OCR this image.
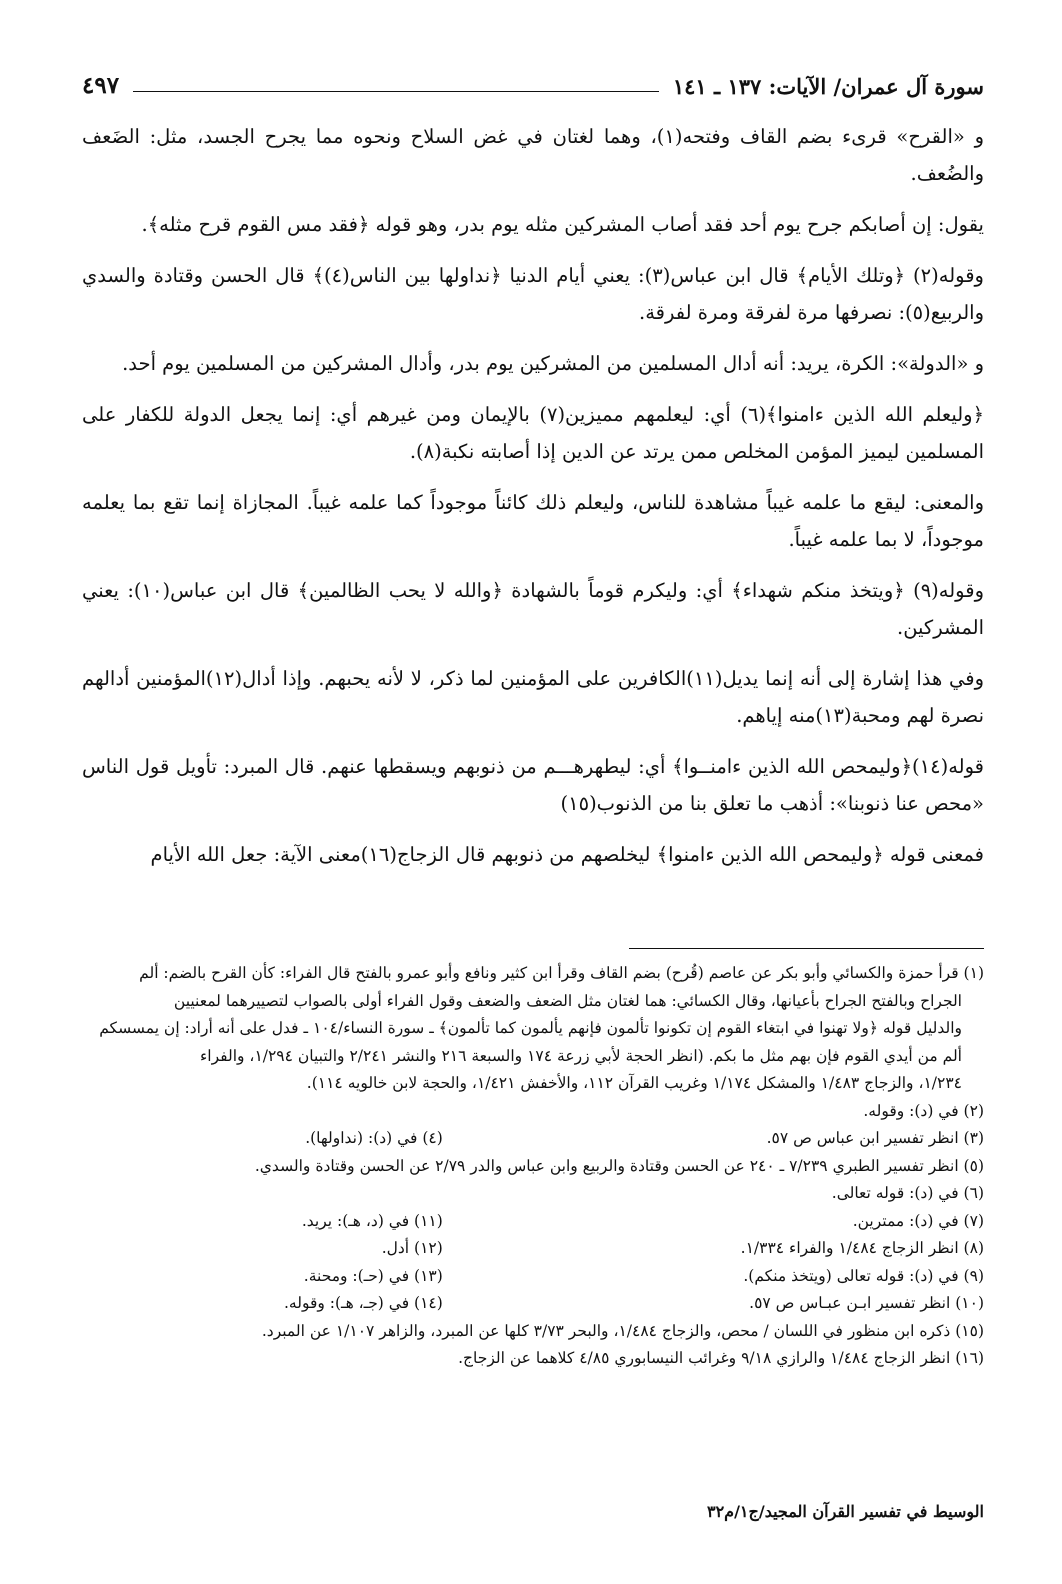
سورة آل عمران/ الآيات: ١٣٧ ـ ١٤١
٤٩٧

و «القرح» قرىء بضم القاف وفتحه(١)، وهما لغتان في غض السلاح ونحوه مما يجرح الجسد، مثل: الضَعف والضُعف.

يقول: إن أصابكم جرح يوم أحد فقد أصاب المشركين مثله يوم بدر، وهو قوله ﴿فقد مس القوم قرح مثله﴾.

وقوله(٢) ﴿وتلك الأيام﴾ قال ابن عباس(٣): يعني أيام الدنيا ﴿نداولها بين الناس(٤)﴾ قال الحسن وقتادة والسدي والربيع(٥): نصرفها مرة لفرقة ومرة لفرقة.

و «الدولة»: الكرة، يريد: أنه أدال المسلمين من المشركين يوم بدر، وأدال المشركين من المسلمين يوم أحد.

﴿وليعلم الله الذين ءامنوا﴾(٦) أي: ليعلمهم مميزين(٧) بالإيمان ومن غيرهم أي: إنما يجعل الدولة للكفار على المسلمين ليميز المؤمن المخلص ممن يرتد عن الدين إذا أصابته نكبة(٨).

والمعنى: ليقع ما علمه غيباً مشاهدة للناس، وليعلم ذلك كائناً موجوداً كما علمه غيباً. المجازاة إنما تقع بما يعلمه موجوداً، لا بما علمه غيباً.

وقوله(٩) ﴿ويتخذ منكم شهداء﴾ أي: وليكرم قوماً بالشهادة ﴿والله لا يحب الظالمين﴾ قال ابن عباس(١٠): يعني المشركين.

وفي هذا إشارة إلى أنه إنما يديل(١١)الكافرين على المؤمنين لما ذكر، لا لأنه يحبهم. وإذا أدال(١٢)المؤمنين أدالهم نصرة لهم ومحبة(١٣)منه إياهم.

قوله(١٤)﴿وليمحص الله الذين ءامنــوا﴾ أي: ليطهرهـــم من ذنوبهم ويسقطها عنهم. قال المبرد: تأويل قول الناس «محص عنا ذنوبنا»: أذهب ما تعلق بنا من الذنوب(١٥)

فمعنى قوله ﴿وليمحص الله الذين ءامنوا﴾ ليخلصهم من ذنوبهم قال الزجاج(١٦)معنى الآية: جعل الله الأيام

(١) قرأ حمزة والكسائي وأبو بكر عن عاصم (قُرح) بضم القاف وقرأ ابن كثير ونافع وأبو عمرو بالفتح قال الفراء: كأن القرح بالضم: ألم

الجراح وبالفتح الجراح بأعيانها، وقال الكسائي: هما لغتان مثل الضعف والضعف وقول الفراء أولى بالصواب لتصييرهما لمعنيين

والدليل قوله ﴿ولا تهنوا في ابتغاء القوم إن تكونوا تألمون فإنهم يألمون كما تألمون﴾ ـ سورة النساء/١٠٤ ـ فدل على أنه أراد: إن يمسسكم

ألم من أيدي القوم فإن بهم مثل ما بكم. (انظر الحجة لأبي زرعة ١٧٤ والسبعة ٢١٦ والنشر ٢/٢٤١ والتبيان ١/٢٩٤، والفراء

١/٢٣٤، والزجاج ١/٤٨٣ والمشكل ١/١٧٤ وغريب القرآن ١١٢، والأخفش ١/٤٢١، والحجة لابن خالويه ١١٤).

(٢) في (د): وقوله.

(٣) انظر تفسير ابن عباس ص ٥٧.
(٤) في (د): (نداولها).

(٥) انظر تفسير الطبري ٧/٢٣٩ ـ ٢٤٠ عن الحسن وقتادة والربيع وابن عباس والدر ٢/٧٩ عن الحسن وقتادة والسدي.

(٦) في (د): قوله تعالى.

(٧) في (د): ممترين.
(١١) في (د، هـ): يريد.
(٨) انظر الزجاج ١/٤٨٤ والفراء ١/٣٣٤.
(١٢) أدل.
(٩) في (د): قوله تعالى (ويتخذ منكم).
(١٣) في (حـ): ومحنة.
(١٠) انظر تفسير ابـن عبـاس ص ٥٧.
(١٤) في (جـ، هـ): وقوله.

(١٥) ذكره ابن منظور في اللسان / محص، والزجاج ١/٤٨٤، والبحر ٣/٧٣ كلها عن المبرد، والزاهر ١/١٠٧ عن المبرد.

(١٦) انظر الزجاج ١/٤٨٤ والرازي ٩/١٨ وغرائب النيسابوري ٤/٨٥ كلاهما عن الزجاج.

الوسيط في تفسير القرآن المجيد/ج١/م٣٢
